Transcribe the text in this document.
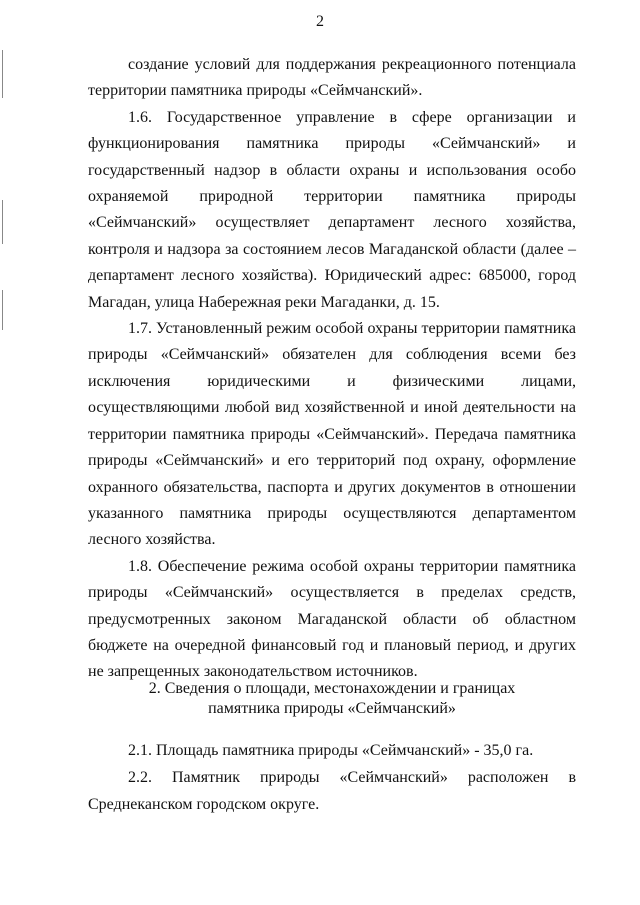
2

создание условий для поддержания рекреационного потенциала территории памятника природы «Сеймчанский».

1.6. Государственное управление в сфере организации и функционирования памятника природы «Сеймчанский» и государственный надзор в области охраны и использования особо охраняемой природной территории памятника природы «Сеймчанский» осуществляет департамент лесного хозяйства, контроля и надзора за состоянием лесов Магаданской области (далее – департамент лесного хозяйства). Юридический адрес: 685000, город Магадан, улица Набережная реки Магаданки, д. 15.

1.7. Установленный режим особой охраны территории памятника природы «Сеймчанский» обязателен для соблюдения всеми без исключения юридическими и физическими лицами, осуществляющими любой вид хозяйственной и иной деятельности на территории памятника природы «Сеймчанский». Передача памятника природы «Сеймчанский» и его территорий под охрану, оформление охранного обязательства, паспорта и других документов в отношении указанного памятника природы осуществляются департаментом лесного хозяйства.

1.8. Обеспечение режима особой охраны территории памятника природы «Сеймчанский» осуществляется в пределах средств, предусмотренных законом Магаданской области об областном бюджете на очередной финансовый год и плановый период, и других не запрещенных законодательством источников.

2. Сведения о площади, местонахождении и границах
памятника природы «Сеймчанский»

2.1. Площадь памятника природы «Сеймчанский» - 35,0 га.

2.2. Памятник природы «Сеймчанский» расположен в Среднеканском городском округе.
